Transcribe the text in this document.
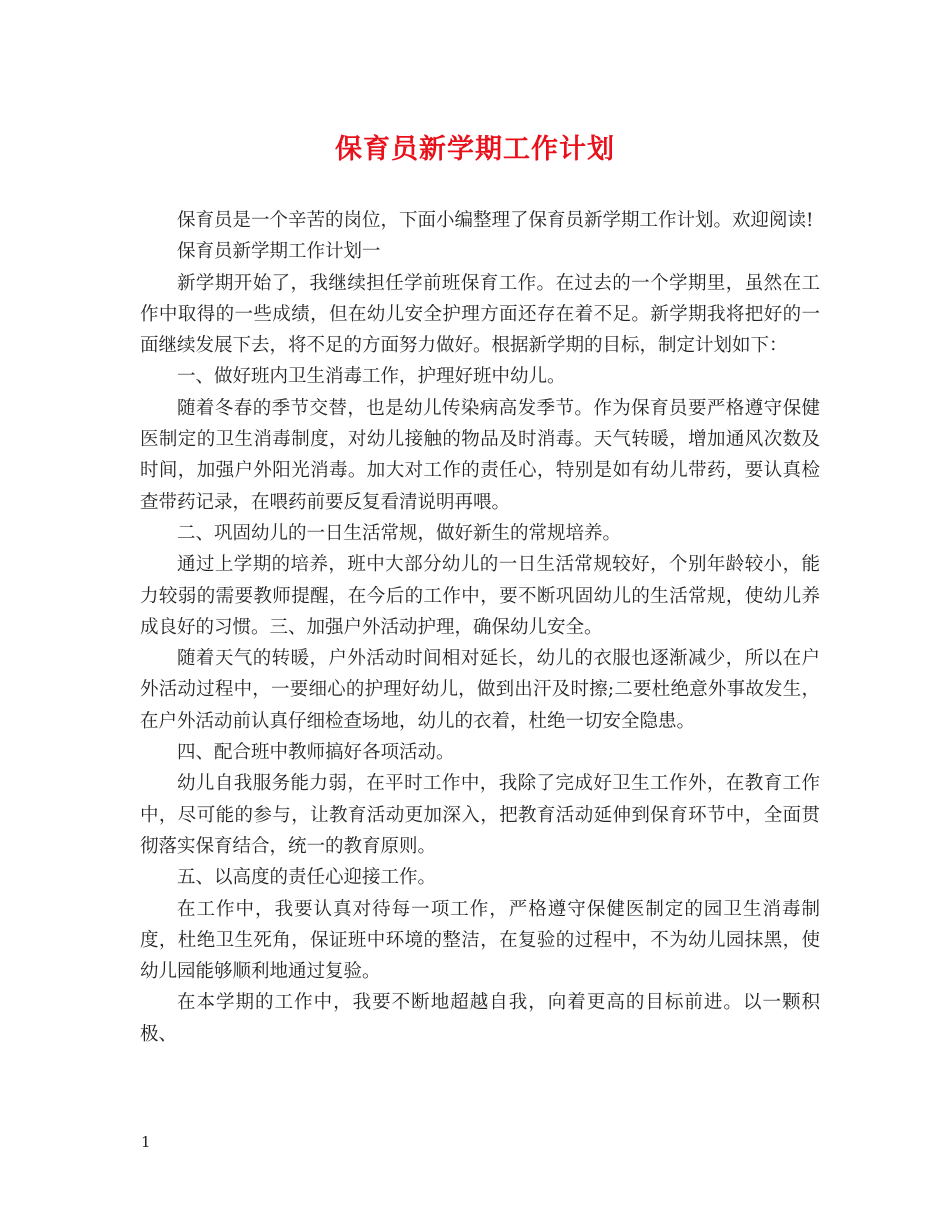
保育员新学期工作计划

保育员是一个辛苦的岗位，下面小编整理了保育员新学期工作计划。欢迎阅读!

保育员新学期工作计划一

新学期开始了，我继续担任学前班保育工作。在过去的一个学期里，虽然在工作中取得的一些成绩，但在幼儿安全护理方面还存在着不足。新学期我将把好的一面继续发展下去，将不足的方面努力做好。根据新学期的目标，制定计划如下：

一、做好班内卫生消毒工作，护理好班中幼儿。

随着冬春的季节交替，也是幼儿传染病高发季节。作为保育员要严格遵守保健医制定的卫生消毒制度，对幼儿接触的物品及时消毒。天气转暖，增加通风次数及时间，加强户外阳光消毒。加大对工作的责任心，特别是如有幼儿带药，要认真检查带药记录，在喂药前要反复看清说明再喂。

二、巩固幼儿的一日生活常规，做好新生的常规培养。

通过上学期的培养，班中大部分幼儿的一日生活常规较好，个别年龄较小，能力较弱的需要教师提醒，在今后的工作中，要不断巩固幼儿的生活常规，使幼儿养成良好的习惯。三、加强户外活动护理，确保幼儿安全。

随着天气的转暖，户外活动时间相对延长，幼儿的衣服也逐渐减少，所以在户外活动过程中，一要细心的护理好幼儿，做到出汗及时擦;二要杜绝意外事故发生，在户外活动前认真仔细检查场地，幼儿的衣着，杜绝一切安全隐患。

四、配合班中教师搞好各项活动。

幼儿自我服务能力弱，在平时工作中，我除了完成好卫生工作外，在教育工作中，尽可能的参与，让教育活动更加深入，把教育活动延伸到保育环节中，全面贯彻落实保育结合，统一的教育原则。

五、以高度的责任心迎接工作。

在工作中，我要认真对待每一项工作，严格遵守保健医制定的园卫生消毒制度，杜绝卫生死角，保证班中环境的整洁，在复验的过程中，不为幼儿园抹黑，使幼儿园能够顺利地通过复验。

在本学期的工作中，我要不断地超越自我，向着更高的目标前进。以一颗积极、

1
